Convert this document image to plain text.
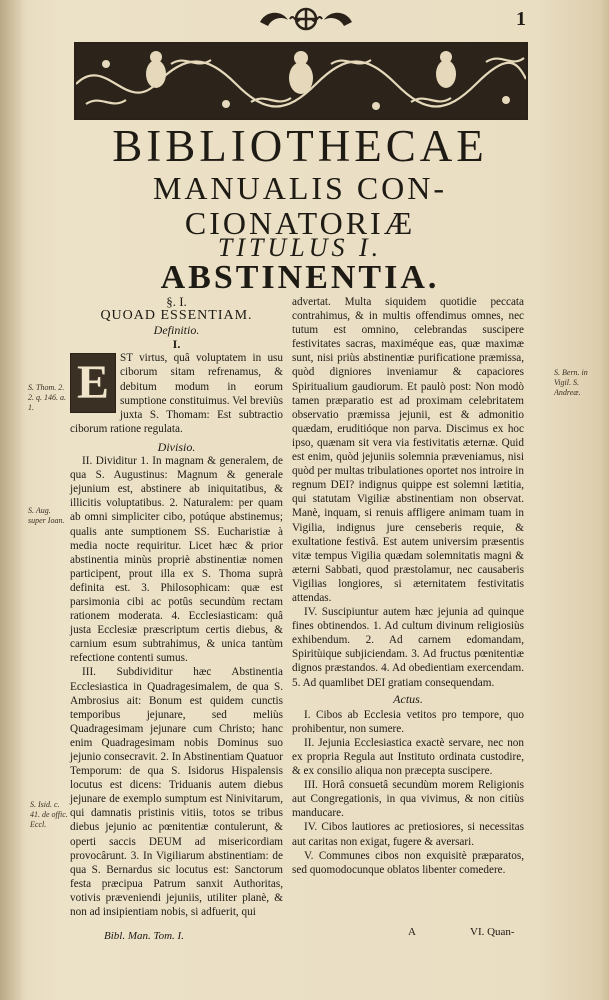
1
BIBLIOTHECAE
MANUALIS CON-
CIONATORIÆ
TITULUS I.
ABSTINENTIA.

§. I.

QUOAD ESSENTIAM.

Definitio.

I.

E ST virtus, quâ voluptatem in usu ciborum sitam refrenamus, & debitum modum in eorum sumptione constituimus. Vel breviùs juxta S. Thomam: Est subtractio ciborum ratione regulata.

Divisio.

II. Dividitur 1. In magnam & generalem, de qua S. Augustinus: Magnum & generale jejunium est, abstinere ab iniquitatibus, & illicitis voluptatibus. 2. Naturalem: per quam ab omni simpliciter cibo, potúque abstinemus; qualis ante sumptionem SS. Eucharistiæ à media nocte requiritur. Licet hæc & prior abstinentia minùs propriè abstinentiæ nomen participent, prout illa ex S. Thoma suprà definita est. 3. Philosophicam: quæ est parsimonia cibi ac potûs secundùm rectam rationem moderata. 4. Ecclesiasticam: quâ justa Ecclesiæ præscriptum certis diebus, & carnium esum subtrahimus, & unica tantùm refectione contenti sumus.

III. Subdividitur hæc Abstinentia Ecclesiastica in Quadragesimalem, de qua S. Ambrosius ait: Bonum est quidem cunctis temporibus jejunare, sed meliùs Quadragesimam jejunare cum Christo; hanc enim Quadragesimam nobis Dominus suo jejunio consecravit. 2. In Abstinentiam Quatuor Temporum: de qua S. Isidorus Hispalensis locutus est dicens: Triduanis autem diebus jejunare de exemplo sumptum est Ninivitarum, qui damnatis pristinis vitiis, totos se tribus diebus jejunio ac pœnitentiæ contulerunt, & operti saccis DEUM ad misericordiam provocârunt. 3. In Vigiliarum abstinentiam: de qua S. Bernardus sic locutus est: Sanctorum festa præcipua Patrum sanxit Authoritas, votivis præveniendi jejuniis, utiliter planè, & non ad insipientiam nobis, si adfuerit, qui

advertat. Multa siquidem quotidie peccata contrahimus, & in multis offendimus omnes, nec tutum est omnino, celebrandas suscipere festivitates sacras, maximéque eas, quæ maximæ sunt, nisi priùs abstinentiæ purificatione præmissa, quòd digniores inveniamur & capaciores Spiritualium gaudiorum. Et paulò post: Non modò tamen præparatio est ad proximam celebritatem observatio præmissa jejunii, est & admonitio quædam, eruditióque non parva. Discimus ex hoc ipso, quænam sit vera via festivitatis æternæ. Quid est enim, quòd jejuniis solemnia præveniamus, nisi quòd per multas tribulationes oportet nos introire in regnum DEI? indignus quippe est solemni lætitia, qui statutam Vigiliæ abstinentiam non observat. Manè, inquam, si renuis affligere animam tuam in Vigilia, indignus jure censeberis requie, & exultatione festivâ. Est autem universim præsentis vitæ tempus Vigilia quædam solemnitatis magni & æterni Sabbati, quod præstolamur, nec causaberis Vigilias longiores, si æternitatem festivitatis attendas.

IV. Suscipiuntur autem hæc jejunia ad quinque fines obtinendos. 1. Ad cultum divinum religiosiùs exhibendum. 2. Ad carnem edomandam, Spiritùique subjiciendam. 3. Ad fructus pœnitentiæ dignos præstandos. 4. Ad obedientiam exercendam. 5. Ad quamlibet DEI gratiam consequendam.

Actus.

I. Cibos ab Ecclesia vetitos pro tempore, quo prohibentur, non sumere.

II. Jejunia Ecclesiastica exactè servare, nec non ex propria Regula aut Instituto ordinata custodire, & ex consilio aliqua non præcepta suscipere.

III. Horâ consuetâ secundùm morem Religionis aut Congregationis, in qua vivimus, & non citiùs manducare.

IV. Cibos lautiores ac pretiosiores, si necessitas aut caritas non exigat, fugere & aversari.

V. Communes cibos non exquisitè præparatos, sed quomodocunque oblatos libenter comedere.

S. Thom. 2. 2. q. 146. a. 1.
S. Aug. super Ioan.
S. Isid. c. 41. de offic. Eccl.
S. Bern. in Vigil. S. Andreæ.
Bibl. Man. Tom. I.	A	VI. Quan-
